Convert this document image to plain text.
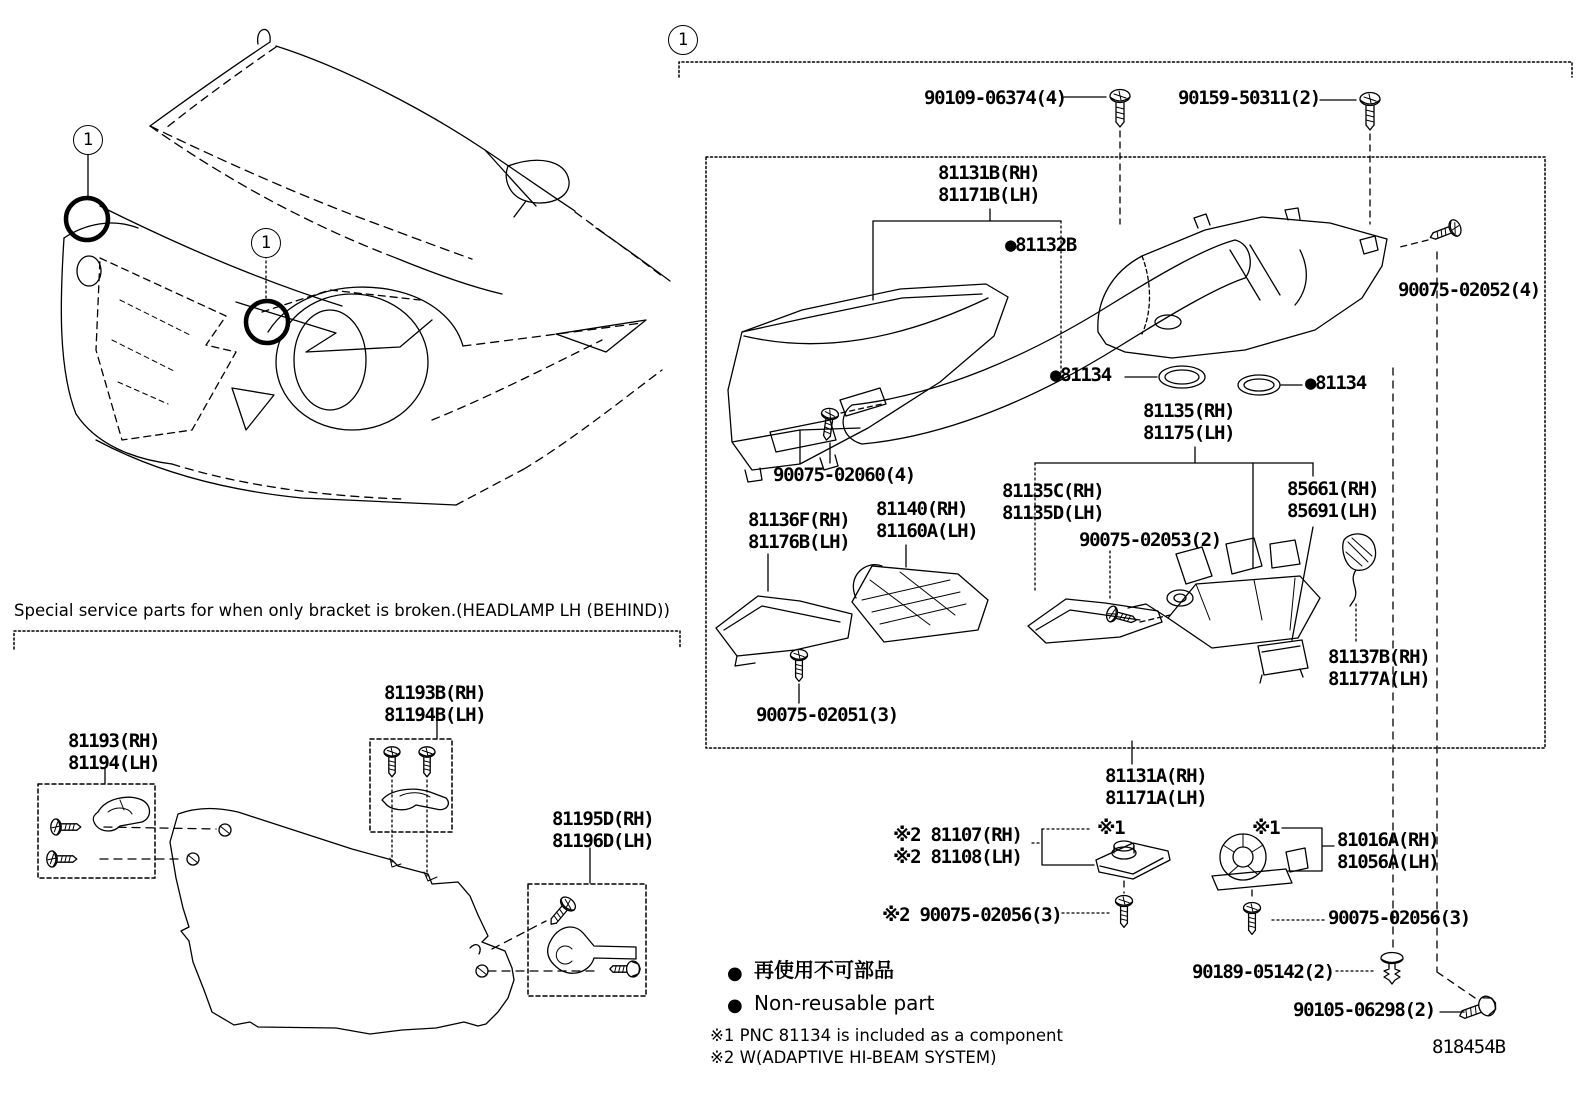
1
1
1
90109-06374(4)	90159-50311(2)
81131B(RH)
81171B(LH)
●81132B
90075-02052(4)
●81134	●81134
81135(RH)
81175(LH)
90075-02060(4)
81136F(RH)
81176B(LH)
81140(RH)
81160A(LH)
81135C(RH)
81135D(LH)
85661(RH)
85691(LH)
90075-02053(2)
90075-02051(3)
81137B(RH)
81177A(LH)
81131A(RH)
81171A(LH)
※2 81107(RH)
※2 81108(LH)
※1	※1
81016A(RH)
81056A(LH)
※2 90075-02056(3)	90075-02056(3)
90189-05142(2)
90105-06298(2)
Special service parts for when only bracket is broken.(HEADLAMP LH (BEHIND))
81193(RH)
81194(LH)
81193B(RH)
81194B(LH)
81195D(RH)
81196D(LH)
● 再使用不可部品
● Non-reusable part
※1 PNC 81134 is included as a component
※2 W(ADAPTIVE HI-BEAM SYSTEM)	818454B
